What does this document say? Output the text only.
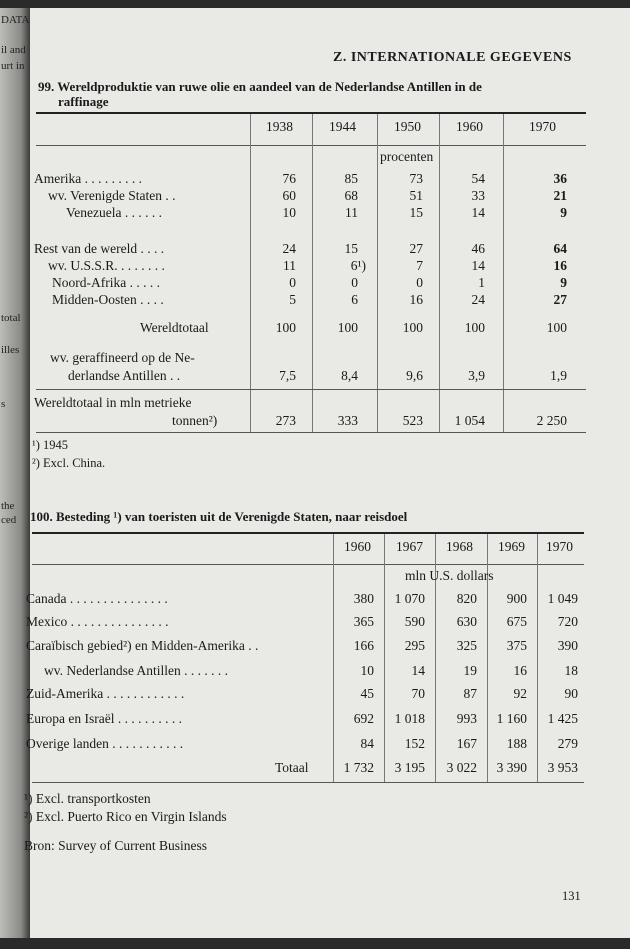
DATA
il and
urt in
total
illes
s
the
ced
Z. INTERNATIONALE GEGEVENS
99. Wereldproduktie van ruwe olie en aandeel van de Nederlandse Antillen in de
raffinage
1938	1944	1950	1960	1970
procenten
Amerika . . . . . . . . .	76	85	73	54	36
wv. Verenigde Staten . .	60	68	51	33	21
Venezuela . . . . . .	10	11	15	14	9
Rest van de wereld . . . .	24	15	27	46	64
wv. U.S.S.R. . . . . . . .	11	6¹)	7	14	16
Noord-Afrika . . . . .	0	0	0	1	9
Midden-Oosten . . . .	5	6	16	24	27
Wereldtotaal	100	100	100	100	100
wv. geraffineerd op de Ne-
derlandse Antillen . .	7,5	8,4	9,6	3,9	1,9
Wereldtotaal in mln metrieke
tonnen²)	273	333	523	1 054	2 250
¹) 1945
²) Excl. China.
100. Besteding ¹) van toeristen uit de Verenigde Staten, naar reisdoel
1960 1967 1968 1969 1970
mln U.S. dollars
Canada . . . . . . . . . . . . . . .	380	1 070	820	900	1 049
Mexico . . . . . . . . . . . . . . .	365	590	630	675	720
Caraïbisch gebied²) en Midden-Amerika . .	166	295	325	375	390
wv. Nederlandse Antillen . . . . . . .	10	14	19	16	18
Zuid-Amerika . . . . . . . . . . . .	45	70	87	92	90
Europa en Israël . . . . . . . . . .	692	1 018	993	1 160	1 425
Overige landen . . . . . . . . . . .	84	152	167	188	279
Totaal	1 732	3 195	3 022	3 390	3 953
¹) Excl. transportkosten
²) Excl. Puerto Rico en Virgin Islands
Bron: Survey of Current Business
131
